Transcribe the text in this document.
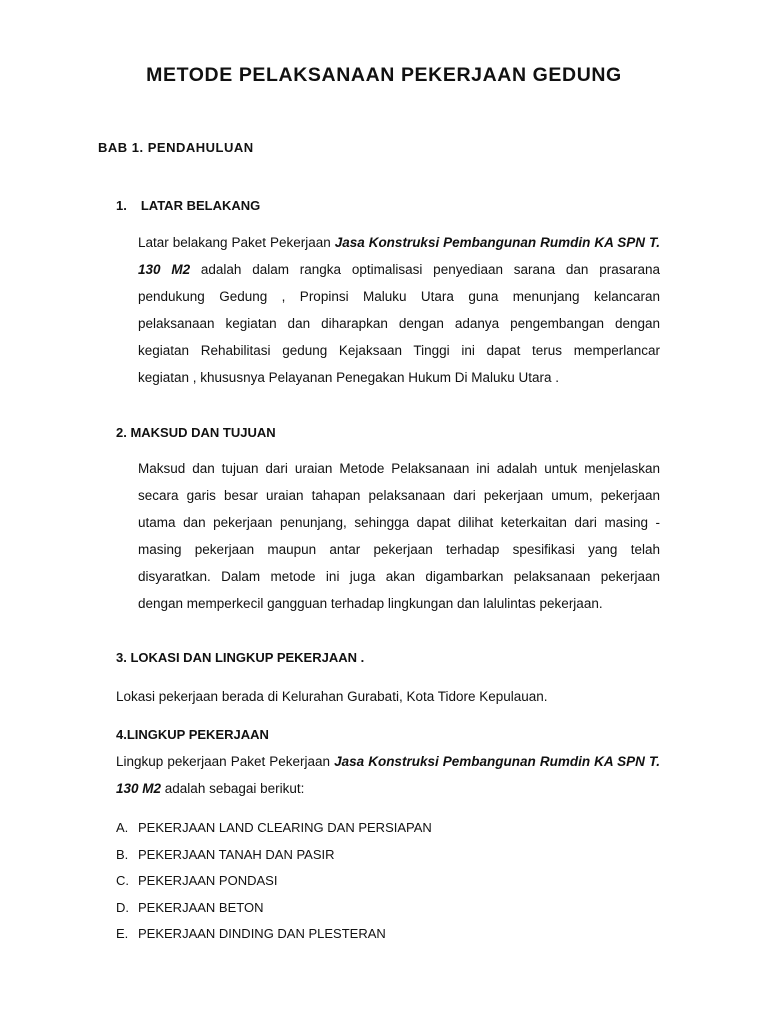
METODE PELAKSANAAN PEKERJAAN GEDUNG
BAB 1. PENDAHULUAN
1. LATAR BELAKANG
Latar belakang Paket Pekerjaan Jasa Konstruksi Pembangunan Rumdin KA SPN T.
130 M2 adalah dalam rangka optimalisasi penyediaan sarana dan prasarana
pendukung Gedung , Propinsi Maluku Utara guna menunjang kelancaran
pelaksanaan kegiatan dan diharapkan dengan adanya pengembangan dengan
kegiatan Rehabilitasi gedung Kejaksaan Tinggi ini dapat terus memperlancar
kegiatan , khususnya Pelayanan Penegakan Hukum Di Maluku Utara .
2. MAKSUD DAN TUJUAN
Maksud dan tujuan dari uraian Metode Pelaksanaan ini adalah untuk menjelaskan
secara garis besar uraian tahapan pelaksanaan dari pekerjaan umum, pekerjaan
utama dan pekerjaan penunjang, sehingga dapat dilihat keterkaitan dari masing -
masing pekerjaan maupun antar pekerjaan terhadap spesifikasi yang telah
disyaratkan. Dalam metode ini juga akan digambarkan pelaksanaan pekerjaan
dengan memperkecil gangguan terhadap lingkungan dan lalulintas pekerjaan.
3. LOKASI DAN LINGKUP PEKERJAAN .
Lokasi pekerjaan berada di Kelurahan Gurabati, Kota Tidore Kepulauan.
4.LINGKUP PEKERJAAN
Lingkup pekerjaan Paket Pekerjaan Jasa Konstruksi Pembangunan Rumdin KA SPN T.
130 M2 adalah sebagai berikut:
A. PEKERJAAN LAND CLEARING DAN PERSIAPAN
B. PEKERJAAN TANAH DAN PASIR
C. PEKERJAAN PONDASI
D. PEKERJAAN BETON
E. PEKERJAAN DINDING DAN PLESTERAN
